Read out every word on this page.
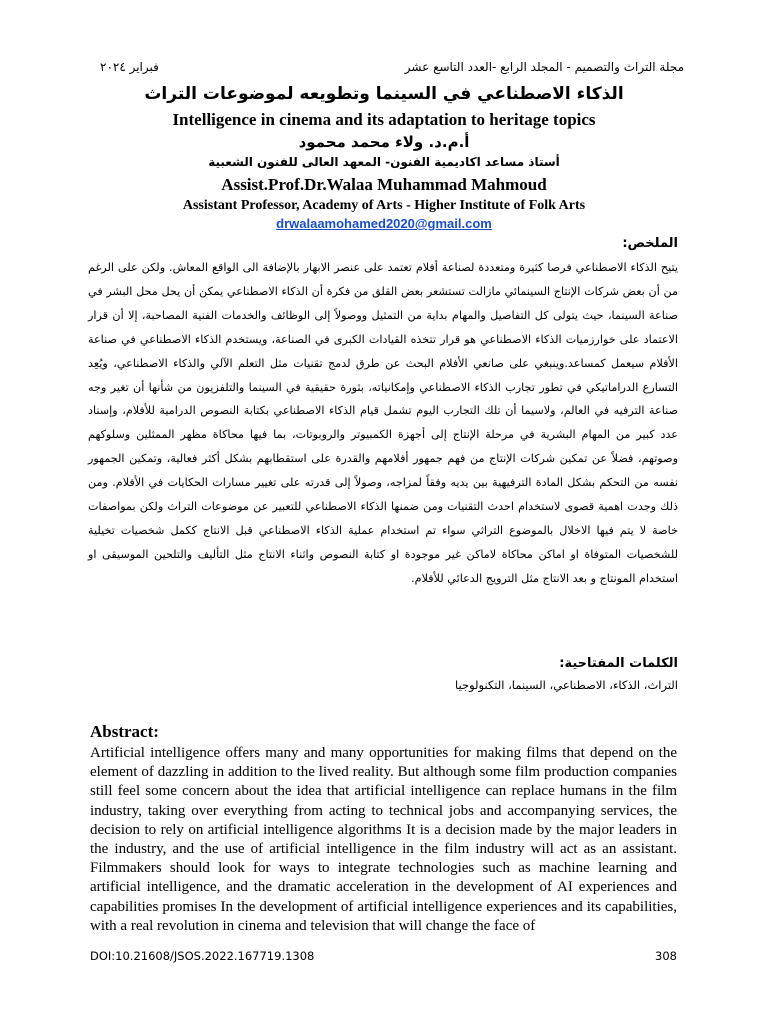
مجلة التراث والتصميم - المجلد الرابع -العدد التاسع عشر
فبراير ٢٠٢٤
الذكاء الاصطناعي في السينما وتطويعه لموضوعات التراث
Intelligence in cinema and its adaptation to heritage topics
أ.م.د. ولاء محمد محمود
أستاذ مساعد اكاديمية الفنون- المعهد العالى للفنون الشعبية
Assist.Prof.Dr.Walaa Muhammad Mahmoud
Assistant Professor, Academy of Arts - Higher Institute of Folk Arts
drwalaamohamed2020@gmail.com
الملخص:
يتيح الذكاء الاصطناعي فرصا كثيرة ومتعددة لصناعة أفلام تعتمد على عنصر الابهار بالإضافة الى الواقع المعاش. ولكن على الرغم من أن بعض شركات الإنتاج السينمائي مازالت تستشعر بعض القلق من فكرة أن الذكاء الاصطناعي يمكن أن يحل محل البشر في صناعة السينما، حيث يتولى كل التفاصيل والمهام بداية من التمثيل ووصولاً إلى الوظائف والخدمات الفنية المصاحبة، إلا أن قرار الاعتماد على خوارزميات الذكاء الاصطناعي هو قرار تتخذه القيادات الكبرى في الصناعة، ويستخدم الذكاء الاصطناعي في صناعة الأفلام سيعمل كمساعد.وينبغي على صانعي الأفلام البحث عن طرق لدمج تقنيات مثل التعلم الآلي والذكاء الاصطناعي، ويُعِد التسارع الدراماتيكي في تطور تجارب الذكاء الاصطناعي وإمكانياته، بثورة حقيقية في السينما والتلفزيون من شأنها أن تغير وجه صناعة الترفيه في العالم، ولاسيما أن تلك التجارب اليوم تشمل قيام الذكاء الاصطناعي بكتابة النصوص الدرامية للأفلام، وإسناد عدد كبير من المهام البشرية في مرحلة الإنتاج إلى أجهزة الكمبيوتر والروبوتات، بما فيها محاكاة مظهر الممثلين وسلوكهم وصوتهم، فضلاً عن تمكين شركات الإنتاج من فهم جمهور أفلامهم والقدرة على استقطابهم بشكل أكثر فعالية، وتمكين الجمهور نفسه من التحكم بشكل المادة الترفيهية بين يديه وفقاً لمزاجه، وصولاً إلى قدرته على تغيير مسارات الحكايات في الأفلام. ومن ذلك وجدت اهمية قصوى لاستخدام احدث التقنيات ومن ضمنها الذكاء الاصطناعي للتعبير عن موضوعات التراث ولكن بمواصفات خاصة لا يتم فيها الاخلال بالموضوع التراثي سواء تم استخدام عملية الذكاء الاصطناعي قبل الانتاج ككمل شخصيات تخيلية للشخصيات المتوفاة او اماكن محاكاة لاماكن غير موجودة او كتابة النصوص واثناء الانتاج مثل التأليف والتلحين الموسيقى او استخدام المونتاج و بعد الانتاج مثل الترويج الدعائي للأفلام.
الكلمات المفتاحية:
التراث، الذكاء، الاصطناعي، السينما، التكنولوجيا
Abstract:
Artificial intelligence offers many and many opportunities for making films that depend on the element of dazzling in addition to the lived reality. But although some film production companies still feel some concern about the idea that artificial intelligence can replace humans in the film industry, taking over everything from acting to technical jobs and accompanying services, the decision to rely on artificial intelligence algorithms It is a decision made by the major leaders in the industry, and the use of artificial intelligence in the film industry will act as an assistant. Filmmakers should look for ways to integrate technologies such as machine learning and artificial intelligence, and the dramatic acceleration in the development of AI experiences and capabilities promises In the development of artificial intelligence experiences and its capabilities, with a real revolution in cinema and television that will change the face of
DOI:10.21608/JSOS.2022.167719.1308	308
